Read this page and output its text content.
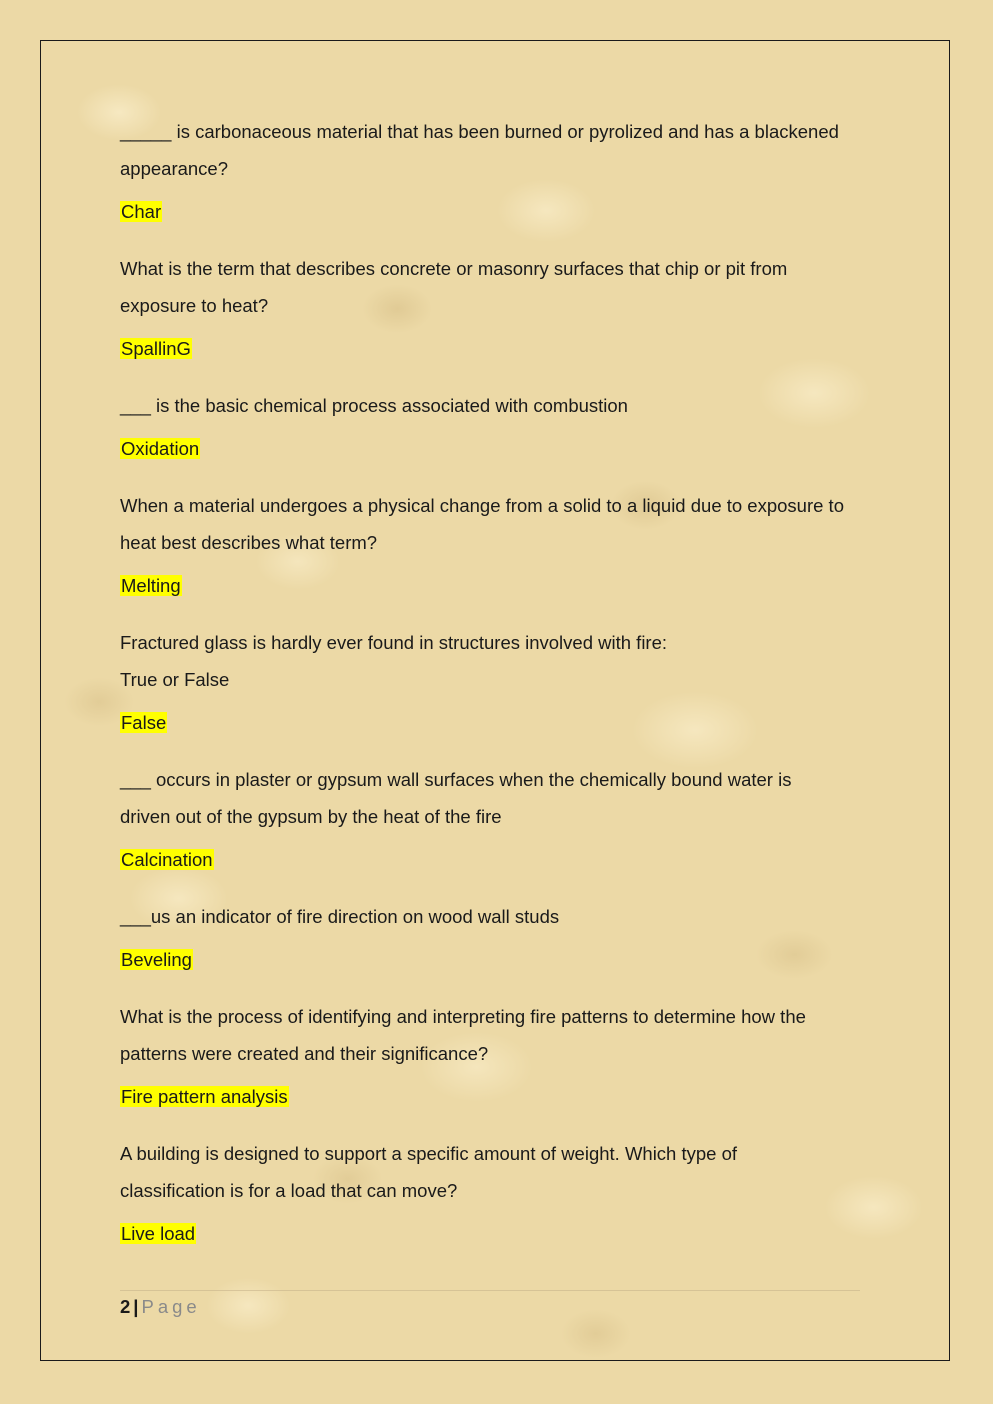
_____ is carbonaceous material that has been burned or pyrolized and has a blackened
appearance?

Char

What is the term that describes concrete or masonry surfaces that chip or pit from
exposure to heat?

SpallinG

___ is the basic chemical process associated with combustion

Oxidation

When a material undergoes a physical change from a solid to a liquid due to exposure to
heat best describes what term?

Melting

Fractured glass is hardly ever found in structures involved with fire:
True or False

False

___ occurs in plaster or gypsum wall surfaces when the chemically bound water is
driven out of the gypsum by the heat of the fire

Calcination

___us an indicator of fire direction on wood wall studs

Beveling

What is the process of identifying and interpreting fire patterns to determine how the
patterns were created and their significance?

Fire pattern analysis

A building is designed to support a specific amount of weight. Which type of
classification is for a load that can move?

Live load

2 | Page
